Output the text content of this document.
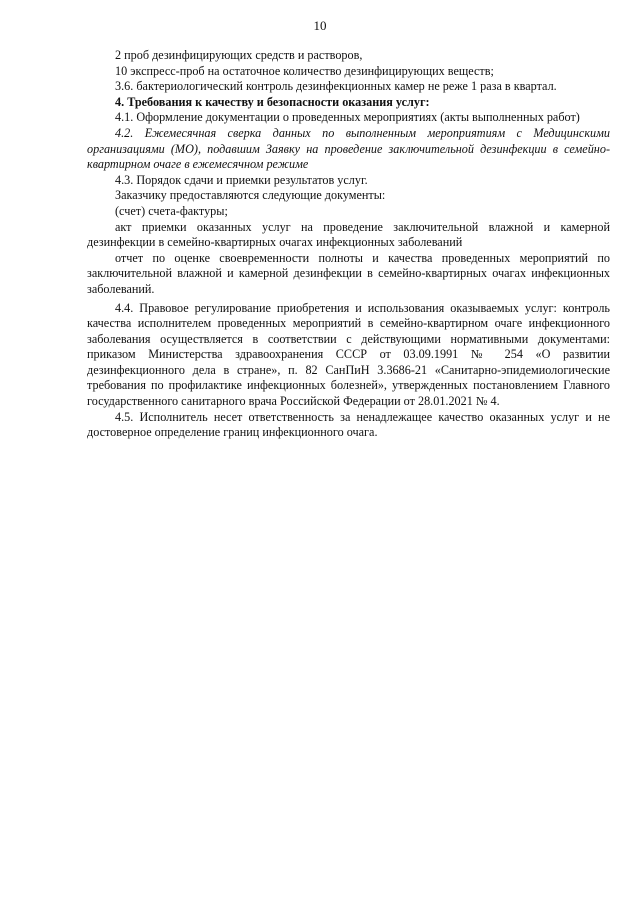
10

2 проб дезинфицирующих средств и растворов,

10 экспресс-проб на остаточное количество дезинфицирующих веществ;

3.6. бактериологический контроль дезинфекционных камер не реже 1 раза в квартал.

4. Требования к качеству и безопасности оказания услуг:

4.1. Оформление документации о проведенных мероприятиях (акты выполненных работ)

4.2. Ежемесячная сверка данных по выполненным мероприятиям с Медицинскими организациями (МО), подавшим Заявку на проведение заключительной дезинфекции в семейно-квартирном очаге в ежемесячном режиме

4.3. Порядок сдачи и приемки результатов услуг.

Заказчику предоставляются следующие документы:

(счет) счета-фактуры;

акт приемки оказанных услуг на проведение заключительной влажной и камерной дезинфекции в семейно-квартирных очагах инфекционных заболеваний

отчет по оценке своевременности полноты и качества проведенных мероприятий по заключительной влажной и камерной дезинфекции в семейно-квартирных очагах инфекционных заболеваний.

4.4. Правовое регулирование приобретения и использования оказываемых услуг: контроль качества исполнителем проведенных мероприятий в семейно-квартирном очаге инфекционного заболевания осуществляется в соответствии с действующими нормативными документами: приказом Министерства здравоохранения СССР от 03.09.1991 № 254 «О развитии дезинфекционного дела в стране», п. 82 СанПиН 3.3686-21 «Санитарно-эпидемиологические требования по профилактике инфекционных болезней», утвержденных постановлением Главного государственного санитарного врача Российской Федерации от 28.01.2021 № 4.

4.5. Исполнитель несет ответственность за ненадлежащее качество оказанных услуг и не достоверное определение границ инфекционного очага.
